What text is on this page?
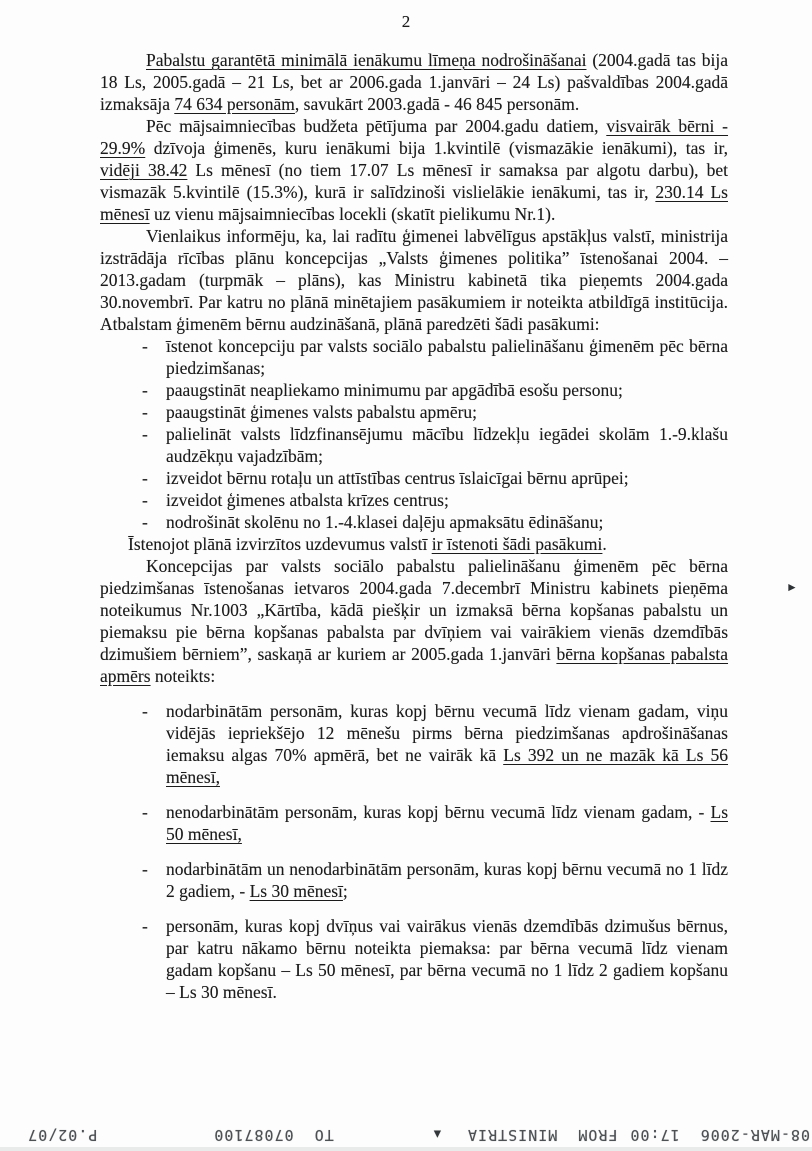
2
Pabalstu garantētā minimālā ienākumu līmeņa nodrošināšanai (2004.gadā tas bija 18 Ls, 2005.gadā – 21 Ls, bet ar 2006.gada 1.janvāri – 24 Ls) pašvaldības 2004.gadā izmaksāja 74 634 personām, savukārt 2003.gadā - 46 845 personām.
Pēc mājsaimniecības budžeta pētījuma par 2004.gadu datiem, visvairāk bērni - 29.9% dzīvoja ģimenēs, kuru ienākumi bija 1.kvintilē (vismazākie ienākumi), tas ir, vidēji 38.42 Ls mēnesī (no tiem 17.07 Ls mēnesī ir samaksa par algotu darbu), bet vismazāk 5.kvintilē (15.3%), kurā ir salīdzinoši vislielākie ienākumi, tas ir, 230.14 Ls mēnesī uz vienu mājsaimniecības locekli (skatīt pielikumu Nr.1).
Vienlaikus informēju, ka, lai radītu ģimenei labvēlīgus apstākļus valstī, ministrija izstrādāja rīcības plānu koncepcijas „Valsts ģimenes politika” īstenošanai 2004. – 2013.gadam (turpmāk – plāns), kas Ministru kabinetā tika pieņemts 2004.gada 30.novembrī. Par katru no plānā minētajiem pasākumiem ir noteikta atbildīgā institūcija. Atbalstam ģimenēm bērnu audzināšanā, plānā paredzēti šādi pasākumi:
-	īstenot koncepciju par valsts sociālo pabalstu palielināšanu ģimenēm pēc bērna piedzimšanas;
-	paaugstināt neapliekamo minimumu par apgādībā esošu personu;
-	paaugstināt ģimenes valsts pabalstu apmēru;
-	palielināt valsts līdzfinansējumu mācību līdzekļu iegādei skolām 1.-9.klašu audzēkņu vajadzībām;
-	izveidot bērnu rotaļu un attīstības centrus īslaicīgai bērnu aprūpei;
-	izveidot ģimenes atbalsta krīzes centrus;
-	nodrošināt skolēnu no 1.-4.klasei daļēju apmaksātu ēdināšanu;
Īstenojot plānā izvirzītos uzdevumus valstī ir īstenoti šādi pasākumi.
Koncepcijas par valsts sociālo pabalstu palielināšanu ģimenēm pēc bērna piedzimšanas īstenošanas ietvaros 2004.gada 7.decembrī Ministru kabinets pieņēma noteikumus Nr.1003 „Kārtība, kādā piešķir un izmaksā bērna kopšanas pabalstu un piemaksu pie bērna kopšanas pabalsta par dvīņiem vai vairākiem vienās dzemdībās dzimušiem bērniem”, saskaņā ar kuriem ar 2005.gada 1.janvāri bērna kopšanas pabalsta apmērs noteikts:
-	nodarbinātām personām, kuras kopj bērnu vecumā līdz vienam gadam, viņu vidējās iepriekšējo 12 mēnešu pirms bērna piedzimšanas apdrošināšanas iemaksu algas 70% apmērā, bet ne vairāk kā Ls 392 un ne mazāk kā Ls 56 mēnesī,
-	nenodarbinātām personām, kuras kopj bērnu vecumā līdz vienam gadam, - Ls 50 mēnesī,
-	nodarbinātām un nenodarbinātām personām, kuras kopj bērnu vecumā no 1 līdz 2 gadiem, - Ls 30 mēnesī;
-	personām, kuras kopj dvīņus vai vairākus vienās dzemdībās dzimušus bērnus, par katru nākamo bērnu noteikta piemaksa: par bērna vecumā līdz vienam gadam kopšanu – Ls 50 mēnesī, par bērna vecumā no 1 līdz 2 gadiem kopšanu – Ls 30 mēnesī.
►
08-MAR-2006  17:00
FROM  MINISTRIA
▲
TO  07087100
P.02/07
